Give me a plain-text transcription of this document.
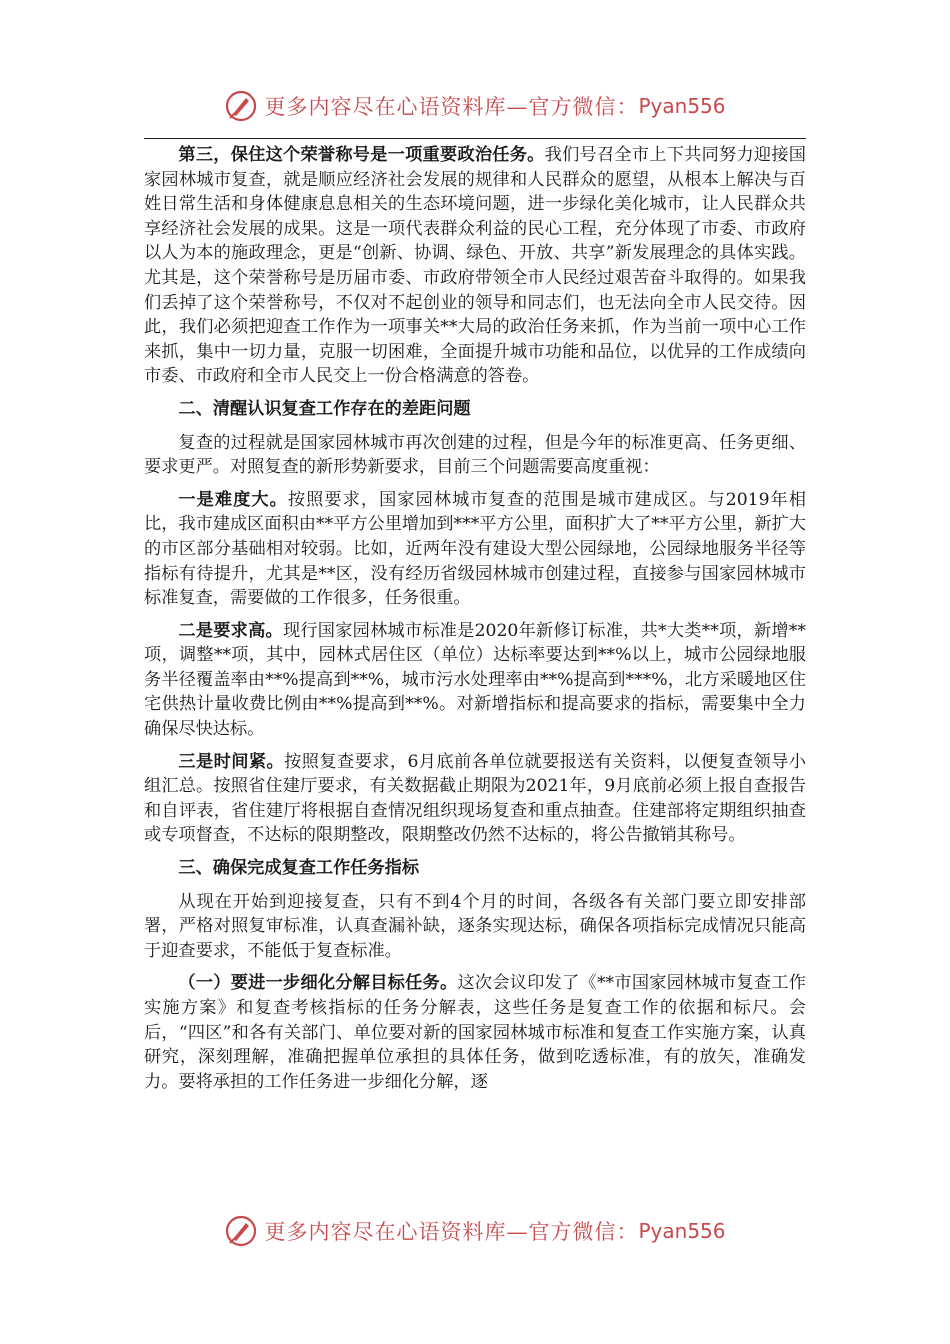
更多内容尽在心语资料库—官方微信： Pyan556

第三，保住这个荣誉称号是一项重要政治任务。我们号召全市上下共同努力迎接国家园林城市复查，就是顺应经济社会发展的规律和人民群众的愿望，从根本上解决与百姓日常生活和身体健康息息相关的生态环境问题，进一步绿化美化城市，让人民群众共享经济社会发展的成果。这是一项代表群众利益的民心工程，充分体现了市委、市政府以人为本的施政理念，更是“创新、协调、绿色、开放、共享”新发展理念的具体实践。尤其是，这个荣誉称号是历届市委、市政府带领全市人民经过艰苦奋斗取得的。如果我们丢掉了这个荣誉称号，不仅对不起创业的领导和同志们，也无法向全市人民交待。因此，我们必须把迎查工作作为一项事关**大局的政治任务来抓，作为当前一项中心工作来抓，集中一切力量，克服一切困难，全面提升城市功能和品位，以优异的工作成绩向市委、市政府和全市人民交上一份合格满意的答卷。

二、清醒认识复查工作存在的差距问题

复查的过程就是国家园林城市再次创建的过程，但是今年的标准更高、任务更细、要求更严。对照复查的新形势新要求，目前三个问题需要高度重视：

一是难度大。按照要求，国家园林城市复查的范围是城市建成区。与2019年相比，我市建成区面积由**平方公里增加到***平方公里，面积扩大了**平方公里，新扩大的市区部分基础相对较弱。比如，近两年没有建设大型公园绿地，公园绿地服务半径等指标有待提升，尤其是**区，没有经历省级园林城市创建过程，直接参与国家园林城市标准复查，需要做的工作很多，任务很重。

二是要求高。现行国家园林城市标准是2020年新修订标准，共*大类**项，新增**项，调整**项，其中，园林式居住区（单位）达标率要达到**%以上，城市公园绿地服务半径覆盖率由**%提高到**%，城市污水处理率由**%提高到***%，北方采暖地区住宅供热计量收费比例由**%提高到**%。对新增指标和提高要求的指标，需要集中全力确保尽快达标。

三是时间紧。按照复查要求，6月底前各单位就要报送有关资料，以便复查领导小组汇总。按照省住建厅要求，有关数据截止期限为2021年，9月底前必须上报自查报告和自评表，省住建厅将根据自查情况组织现场复查和重点抽查。住建部将定期组织抽查或专项督查，不达标的限期整改，限期整改仍然不达标的，将公告撤销其称号。

三、确保完成复查工作任务指标

从现在开始到迎接复查，只有不到4个月的时间，各级各有关部门要立即安排部署，严格对照复审标准，认真查漏补缺，逐条实现达标，确保各项指标完成情况只能高于迎查要求，不能低于复查标准。

（一）要进一步细化分解目标任务。这次会议印发了《**市国家园林城市复查工作实施方案》和复查考核指标的任务分解表，这些任务是复查工作的依据和标尺。会后，“四区”和各有关部门、单位要对新的国家园林城市标准和复查工作实施方案，认真研究，深刻理解，准确把握单位承担的具体任务，做到吃透标准，有的放矢，准确发力。要将承担的工作任务进一步细化分解，逐

更多内容尽在心语资料库—官方微信： Pyan556
